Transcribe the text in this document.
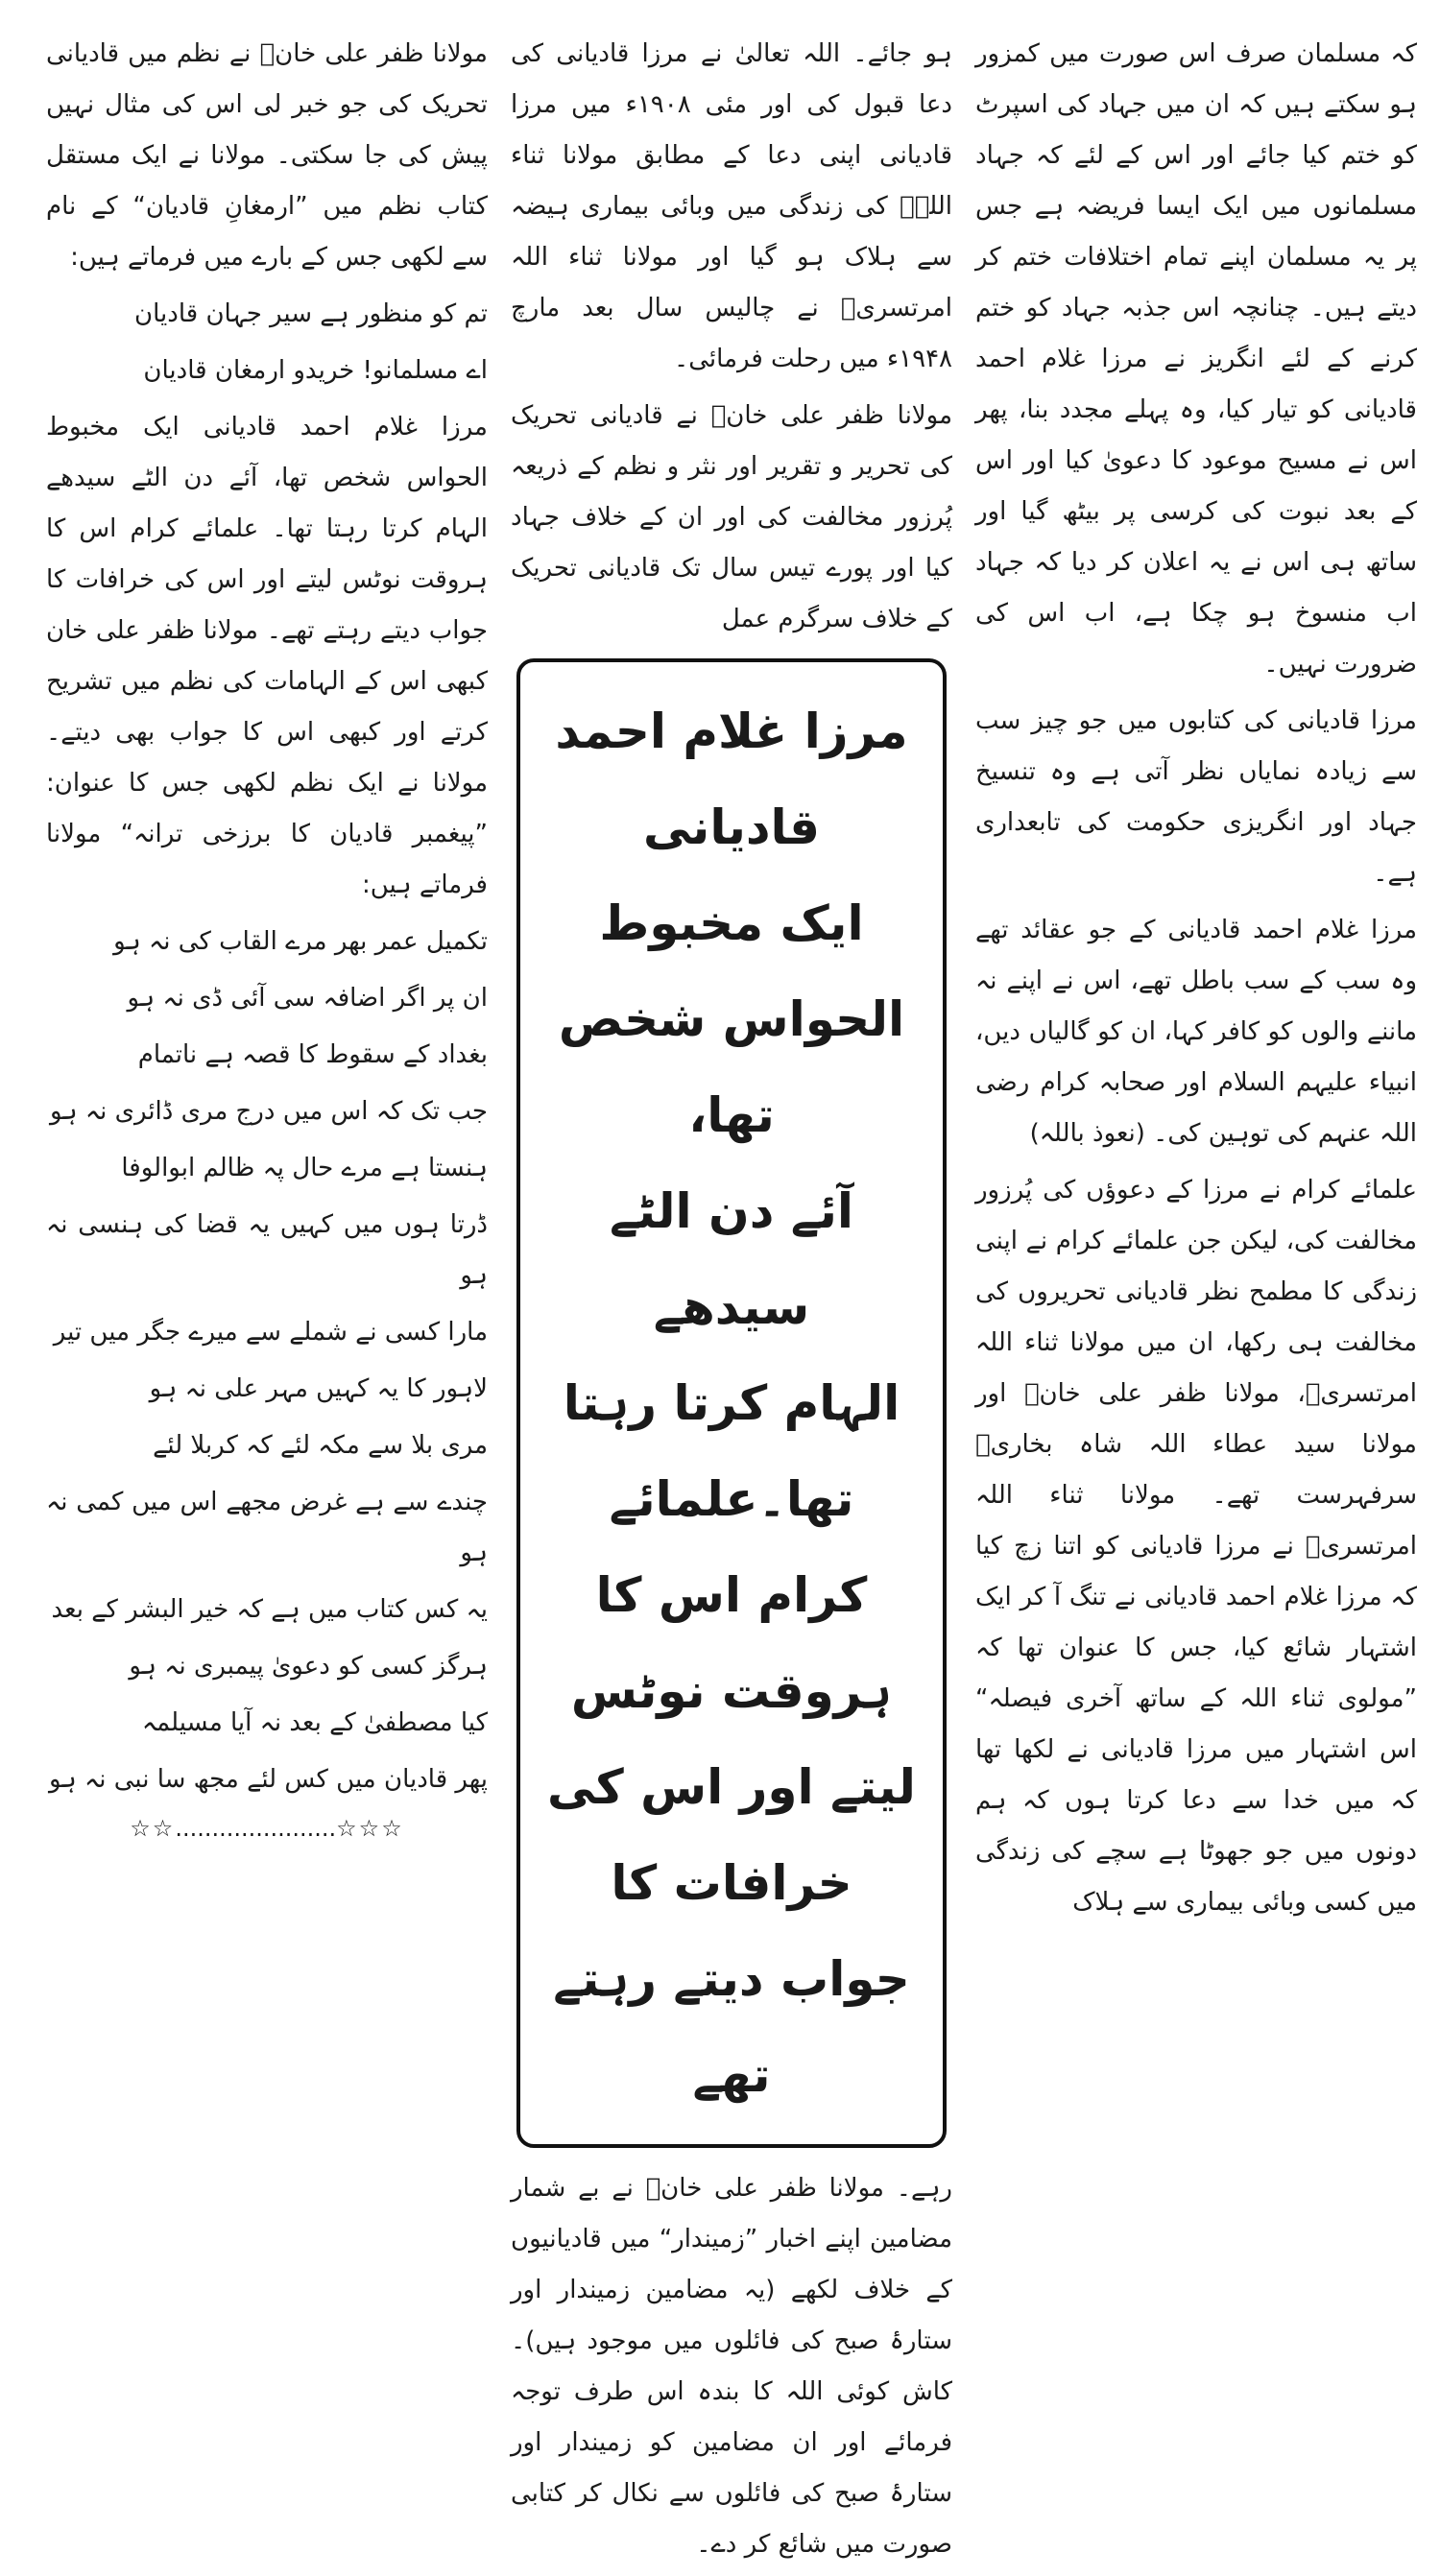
کہ مسلمان صرف اس صورت میں کمزور ہو سکتے ہیں کہ ان میں جہاد کی اسپرٹ کو ختم کیا جائے اور اس کے لئے کہ جہاد مسلمانوں میں ایک ایسا فریضہ ہے جس پر یہ مسلمان اپنے تمام اختلافات ختم کر دیتے ہیں۔ چنانچہ اس جذبہ جہاد کو ختم کرنے کے لئے انگریز نے مرزا غلام احمد قادیانی کو تیار کیا، وہ پہلے مجدد بنا، پھر اس نے مسیح موعود کا دعویٰ کیا اور اس کے بعد نبوت کی کرسی پر بیٹھ گیا اور ساتھ ہی اس نے یہ اعلان کر دیا کہ جہاد اب منسوخ ہو چکا ہے، اب اس کی ضرورت نہیں۔

مرزا قادیانی کی کتابوں میں جو چیز سب سے زیادہ نمایاں نظر آتی ہے وہ تنسیخ جہاد اور انگریزی حکومت کی تابعداری ہے۔

مرزا غلام احمد قادیانی کے جو عقائد تھے وہ سب کے سب باطل تھے، اس نے اپنے نہ ماننے والوں کو کافر کہا، ان کو گالیاں دیں، انبیاء علیہم السلام اور صحابہ کرام رضی اللہ عنہم کی توہین کی۔ (نعوذ باللہ)

علمائے کرام نے مرزا کے دعوؤں کی پُرزور مخالفت کی، لیکن جن علمائے کرام نے اپنی زندگی کا مطمح نظر قادیانی تحریروں کی مخالفت ہی رکھا، ان میں مولانا ثناء اللہ امرتسریؒ، مولانا ظفر علی خانؒ اور مولانا سید عطاء اللہ شاہ بخاریؒ سرفہرست تھے۔ مولانا ثناء اللہ امرتسریؒ نے مرزا قادیانی کو اتنا زچ کیا کہ مرزا غلام احمد قادیانی نے تنگ آ کر ایک اشتہار شائع کیا، جس کا عنوان تھا کہ ”مولوی ثناء اللہ کے ساتھ آخری فیصلہ“ اس اشتہار میں مرزا قادیانی نے لکھا تھا کہ میں خدا سے دعا کرتا ہوں کہ ہم دونوں میں جو جھوٹا ہے سچے کی زندگی میں کسی وبائی بیماری سے ہلاک

ہو جائے۔ اللہ تعالیٰ نے مرزا قادیانی کی دعا قبول کی اور مئی ۱۹۰۸ء میں مرزا قادیانی اپنی دعا کے مطابق مولانا ثناء اللہؒ کی زندگی میں وبائی بیماری ہیضہ سے ہلاک ہو گیا اور مولانا ثناء اللہ امرتسریؒ نے چالیس سال بعد مارچ ۱۹۴۸ء میں رحلت فرمائی۔

مولانا ظفر علی خانؒ نے قادیانی تحریک کی تحریر و تقریر اور نثر و نظم کے ذریعہ پُرزور مخالفت کی اور ان کے خلاف جہاد کیا اور پورے تیس سال تک قادیانی تحریک کے خلاف سرگرم عمل

مرزا غلام احمد قادیانی
ایک مخبوط الحواس شخص تھا،
آئے دن الٹے سیدھے
الہام کرتا رہتا تھا۔علمائے
کرام اس کا ہروقت نوٹس
لیتے اور اس کی خرافات کا
جواب دیتے رہتے تھے

رہے۔ مولانا ظفر علی خانؒ نے بے شمار مضامین اپنے اخبار ”زمیندار“ میں قادیانیوں کے خلاف لکھے (یہ مضامین زمیندار اور ستارۂ صبح کی فائلوں میں موجود ہیں)۔ کاش کوئی اللہ کا بندہ اس طرف توجہ فرمائے اور ان مضامین کو زمیندار اور ستارۂ صبح کی فائلوں سے نکال کر کتابی صورت میں شائع کر دے۔

مولانا ظفر علی خانؒ نے نظم میں قادیانی تحریک کی جو خبر لی اس کی مثال نہیں پیش کی جا سکتی۔ مولانا نے ایک مستقل کتاب نظم میں ”ارمغانِ قادیان“ کے نام سے لکھی جس کے بارے میں فرماتے ہیں:

تم کو منظور ہے سیر جہان قادیان

اے مسلمانو! خریدو ارمغان قادیان

مرزا غلام احمد قادیانی ایک مخبوط الحواس شخص تھا، آئے دن الٹے سیدھے الہام کرتا رہتا تھا۔ علمائے کرام اس کا ہروقت نوٹس لیتے اور اس کی خرافات کا جواب دیتے رہتے تھے۔ مولانا ظفر علی خان کبھی اس کے الہامات کی نظم میں تشریح کرتے اور کبھی اس کا جواب بھی دیتے۔ مولانا نے ایک نظم لکھی جس کا عنوان: ”پیغمبر قادیان کا برزخی ترانہ“ مولانا فرماتے ہیں:

تکمیل عمر بھر مرے القاب کی نہ ہو

ان پر اگر اضافہ سی آئی ڈی نہ ہو

بغداد کے سقوط کا قصہ ہے ناتمام

جب تک کہ اس میں درج مری ڈائری نہ ہو

ہنستا ہے مرے حال پہ ظالم ابوالوفا

ڈرتا ہوں میں کہیں یہ قضا کی ہنسی نہ ہو

مارا کسی نے شملے سے میرے جگر میں تیر

لاہور کا یہ کہیں مہر علی نہ ہو

مری بلا سے مکہ لئے کہ کربلا لئے

چندے سے ہے غرض مجھے اس میں کمی نہ ہو

یہ کس کتاب میں ہے کہ خیر البشر کے بعد

ہرگز کسی کو دعویٰ پیمبری نہ ہو

کیا مصطفیٰ کے بعد نہ آیا مسیلمہ

پھر قادیان میں کس لئے مجھ سا نبی نہ ہو

☆☆......................☆☆☆
